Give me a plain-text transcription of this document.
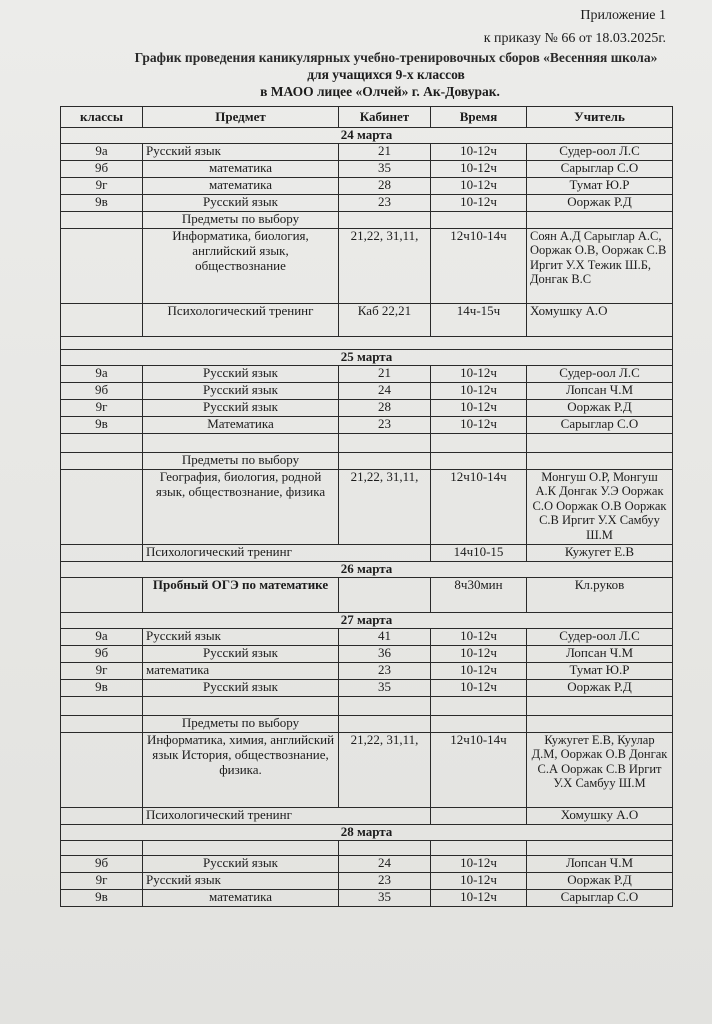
Приложение 1
к приказу № 66 от 18.03.2025г.
График проведения каникулярных учебно-тренировочных сборов «Весенняя школа»
для учащихся 9-х классов
в МАОО лицее «Олчей» г. Ак-Довурак.
классы	Предмет	Кабинет	Время	Учитель
24 марта				
9а	Русский язык	21	10-12ч	Судер-оол Л.С
9б	математика	35	10-12ч	Сарыглар С.О
9г	математика	28	10-12ч	Тумат Ю.Р
9в	Русский язык	23	10-12ч	Ооржак Р.Д
	Предметы по выбору			
	Информатика, биология, английский язык, обществознание	21,22, 31,11,	12ч10-14ч	Соян А.Д Сарыглар А.С, Ооржак О.В, Ооржак С.В Иргит У.Х Тежик Ш.Б, Донгак В.С
	Психологический тренинг	Каб 22,21	14ч-15ч	Хомушку А.О

25 марта				
9а	Русский язык	21	10-12ч	Судер-оол Л.С
9б	Русский язык	24	10-12ч	Лопсан Ч.М
9г	Русский язык	28	10-12ч	Ооржак Р.Д
9в	Математика	23	10-12ч	Сарыглар С.О

	Предметы по выбору			
	География, биология, родной язык, обществознание, физика	21,22, 31,11,	12ч10-14ч	Монгуш О.Р, Монгуш А.К Донгак У.Э Ооржак С.О Ооржак О.В Ооржак С.В Иргит У.Х Самбуу Ш.М
	Психологический тренинг		14ч10-15	Кужугет Е.В
26 марта				
	Пробный ОГЭ по математике		8ч30мин	Кл.руков
27 марта				
9а	Русский язык	41	10-12ч	Судер-оол Л.С
9б	Русский язык	36	10-12ч	Лопсан Ч.М
9г	математика	23	10-12ч	Тумат Ю.Р
9в	Русский язык	35	10-12ч	Ооржак Р.Д

	Предметы по выбору			
	Информатика, химия, английский язык История, обществознание, физика.	21,22, 31,11,	12ч10-14ч	Кужугет Е.В, Куулар Д.М, Ооржак О.В Донгак С.А Ооржак С.В Иргит У.Х Самбуу Ш.М
	Психологический тренинг			Хомушку А.О
28 марта				

9б	Русский язык	24	10-12ч	Лопсан Ч.М
9г	Русский язык	23	10-12ч	Ооржак Р.Д
9в	математика	35	10-12ч	Сарыглар С.О
